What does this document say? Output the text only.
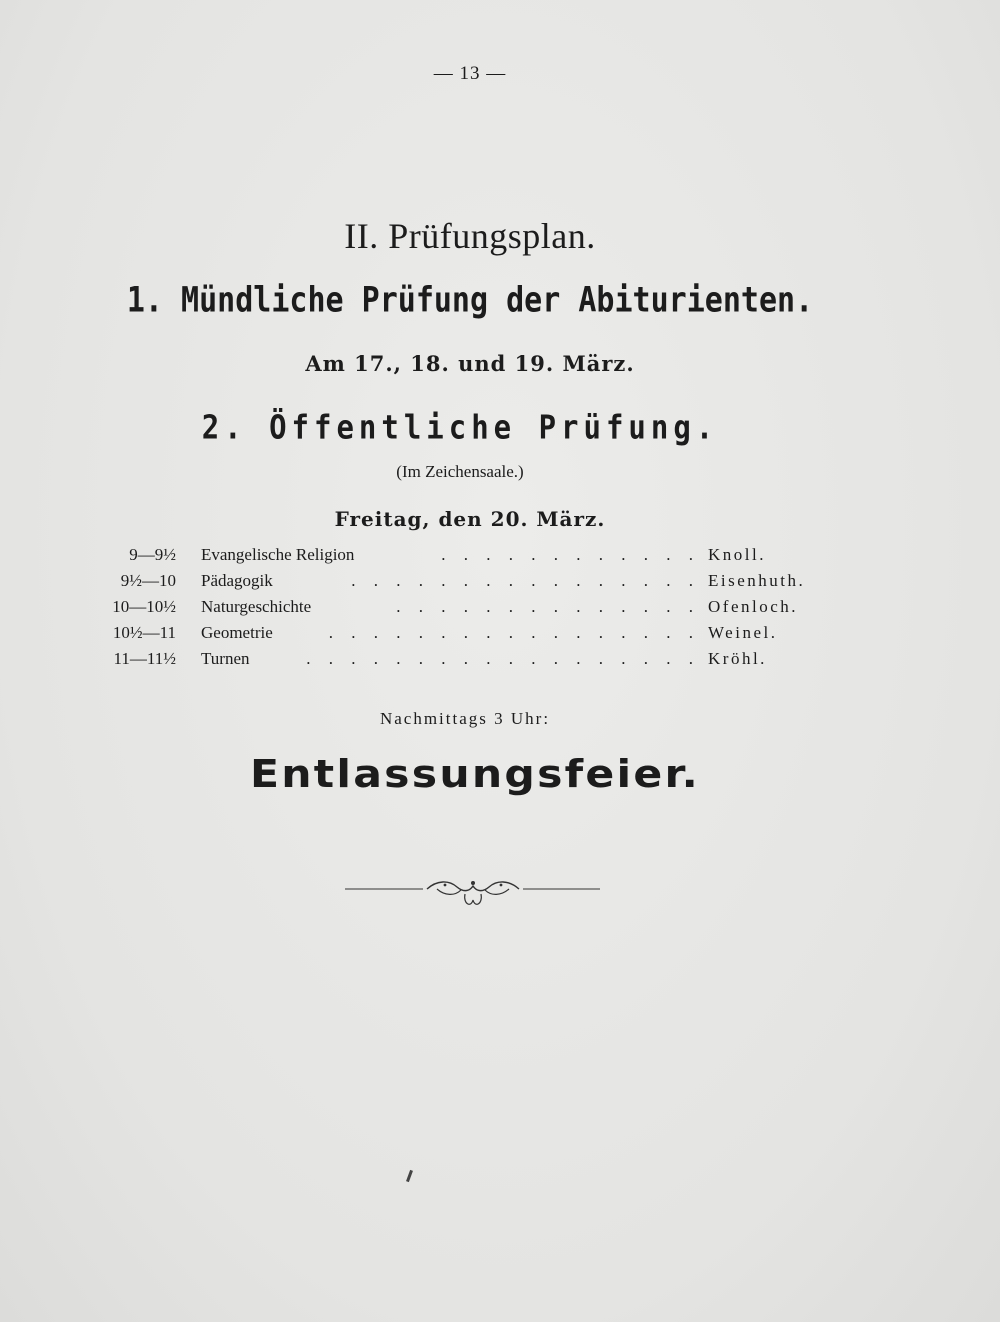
— 13 —
II. Prüfungsplan.
1. Mündliche Prüfung der Abiturienten.
Am 17., 18. und 19. März.
2. Öffentliche Prüfung.
(Im Zeichensaale.)
Freitag, den 20. März.
9—9½ Evangelische Religion	. . . . . . . . . . . . Knoll.
9½—10 Pädagogik	. . . . . . . . . . . . . . . . Eisenhuth.
10—10½ Naturgeschichte	. . . . . . . . . . . . . . Ofenloch.
10½—11 Geometrie	. . . . . . . . . . . . . . . . . Weinel.
11—11½ Turnen	. . . . . . . . . . . . . . . . . . Kröhl.
Nachmittags 3 Uhr:
Entlassungsfeier.
